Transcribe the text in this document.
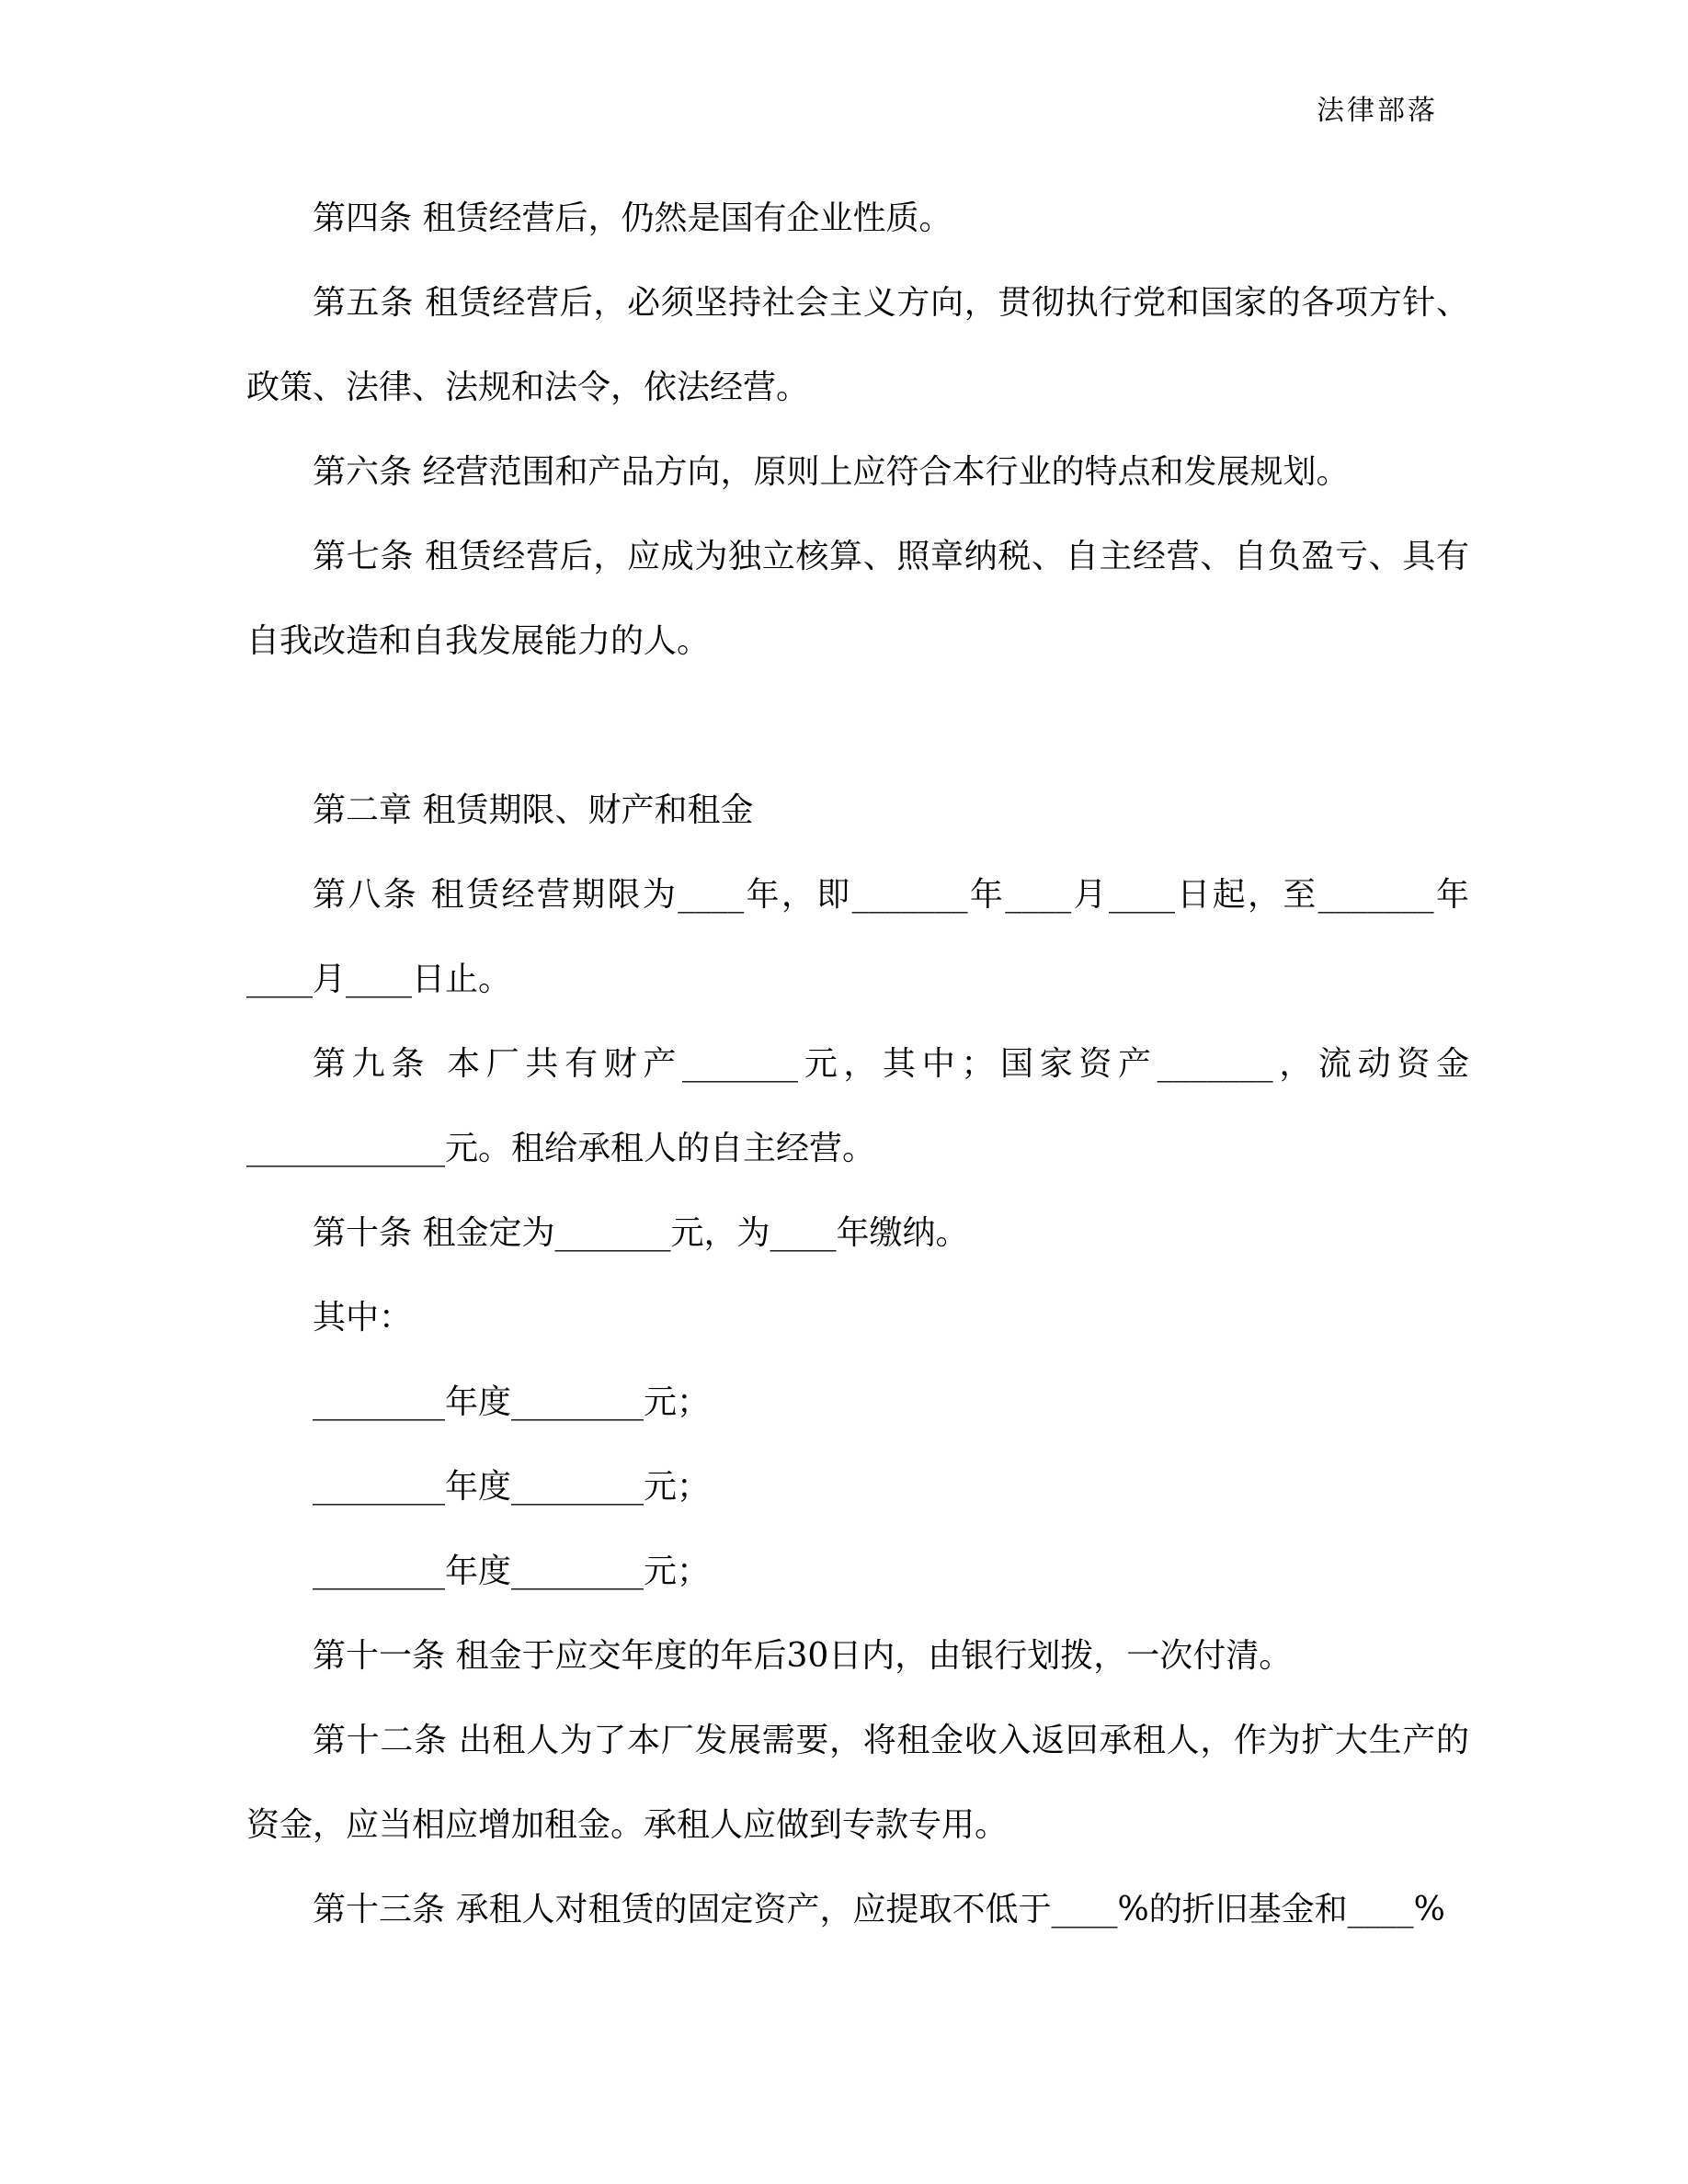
法律部落

第四条 租赁经营后，仍然是国有企业性质。

第五条 租赁经营后，必须坚持社会主义方向，贯彻执行党和国家的各项方针、政策、法律、法规和法令，依法经营。

第六条 经营范围和产品方向，原则上应符合本行业的特点和发展规划。

第七条 租赁经营后，应成为独立核算、照章纳税、自主经营、自负盈亏、具有自我改造和自我发展能力的人。

第二章 租赁期限、财产和租金

第八条 租赁经营期限为____年，即_______年____月____日起，至_______年____月____日止。

第九条 本厂共有财产_______元，其中；国家资产_______，流动资金____________元。租给承租人的自主经营。

第十条 租金定为_______元，为____年缴纳。

其中：

________年度________元；

________年度________元；

________年度________元；

第十一条 租金于应交年度的年后30日内，由银行划拨，一次付清。

第十二条 出租人为了本厂发展需要，将租金收入返回承租人，作为扩大生产的资金，应当相应增加租金。承租人应做到专款专用。

第十三条 承租人对租赁的固定资产，应提取不低于____%的折旧基金和____%
